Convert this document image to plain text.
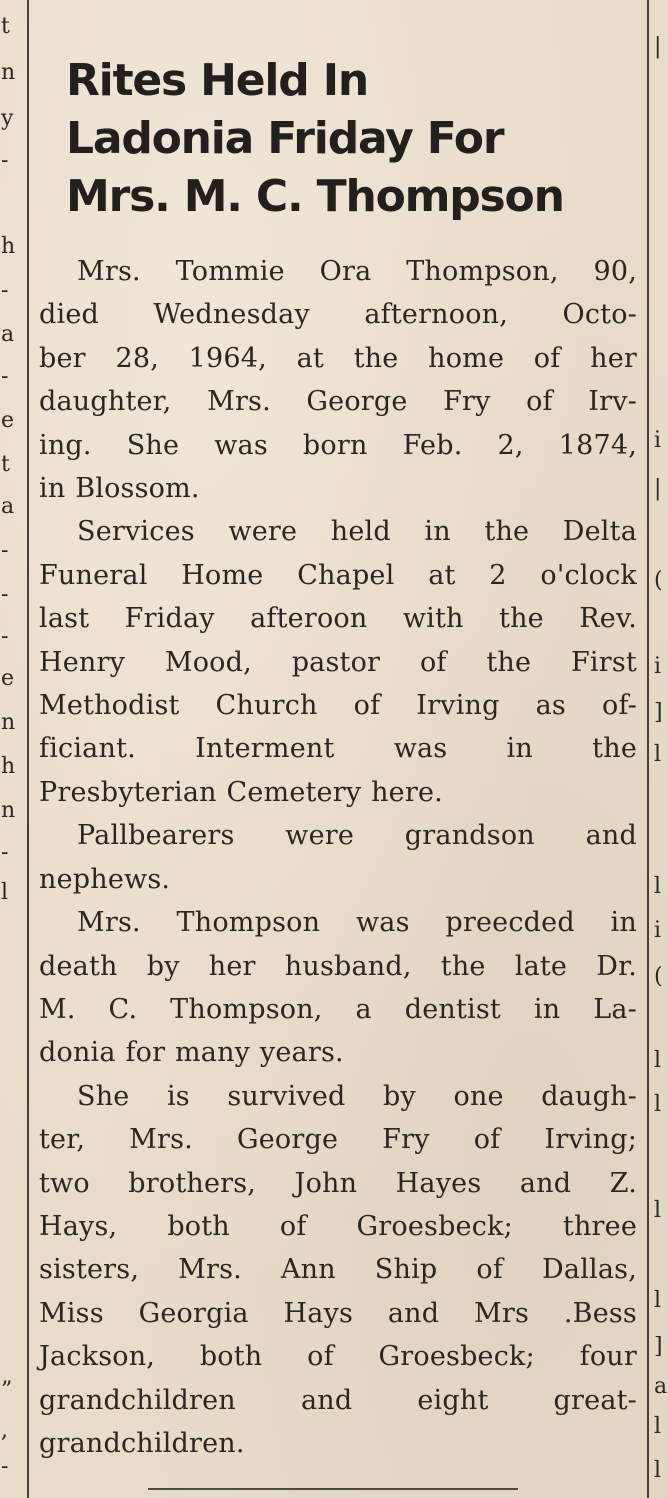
t
n
y
-
h
-
a
-
e
t
a
-
-
-
e
n
h
n
-
l
”
,
-
|
i
|
(
i
]
l
l
i
(
l
l
l
l
]
a
l
l
Rites Held In
Ladonia Friday For
Mrs. M. C. Thompson

Mrs. Tommie Ora Thompson, 90,
died Wednesday afternoon, Octo-
ber 28, 1964, at the home of her
daughter, Mrs. George Fry of Irv-
ing. She was born Feb. 2, 1874,
in Blossom.

Services were held in the Delta
Funeral Home Chapel at 2 o'clock
last Friday afteroon with the Rev.
Henry Mood, pastor of the First
Methodist Church of Irving as of-
ficiant. Interment was in the
Presbyterian Cemetery here.

Pallbearers were grandson and
nephews.

Mrs. Thompson was preecded in
death by her husband, the late Dr.
M. C. Thompson, a dentist in La-
donia for many years.

She is survived by one daugh-
ter, Mrs. George Fry of Irving;
two brothers, John Hayes and Z.
Hays, both of Groesbeck; three
sisters, Mrs. Ann Ship of Dallas,
Miss Georgia Hays and Mrs .Bess
Jackson, both of Groesbeck; four
grandchildren and eight great-
grandchildren.
